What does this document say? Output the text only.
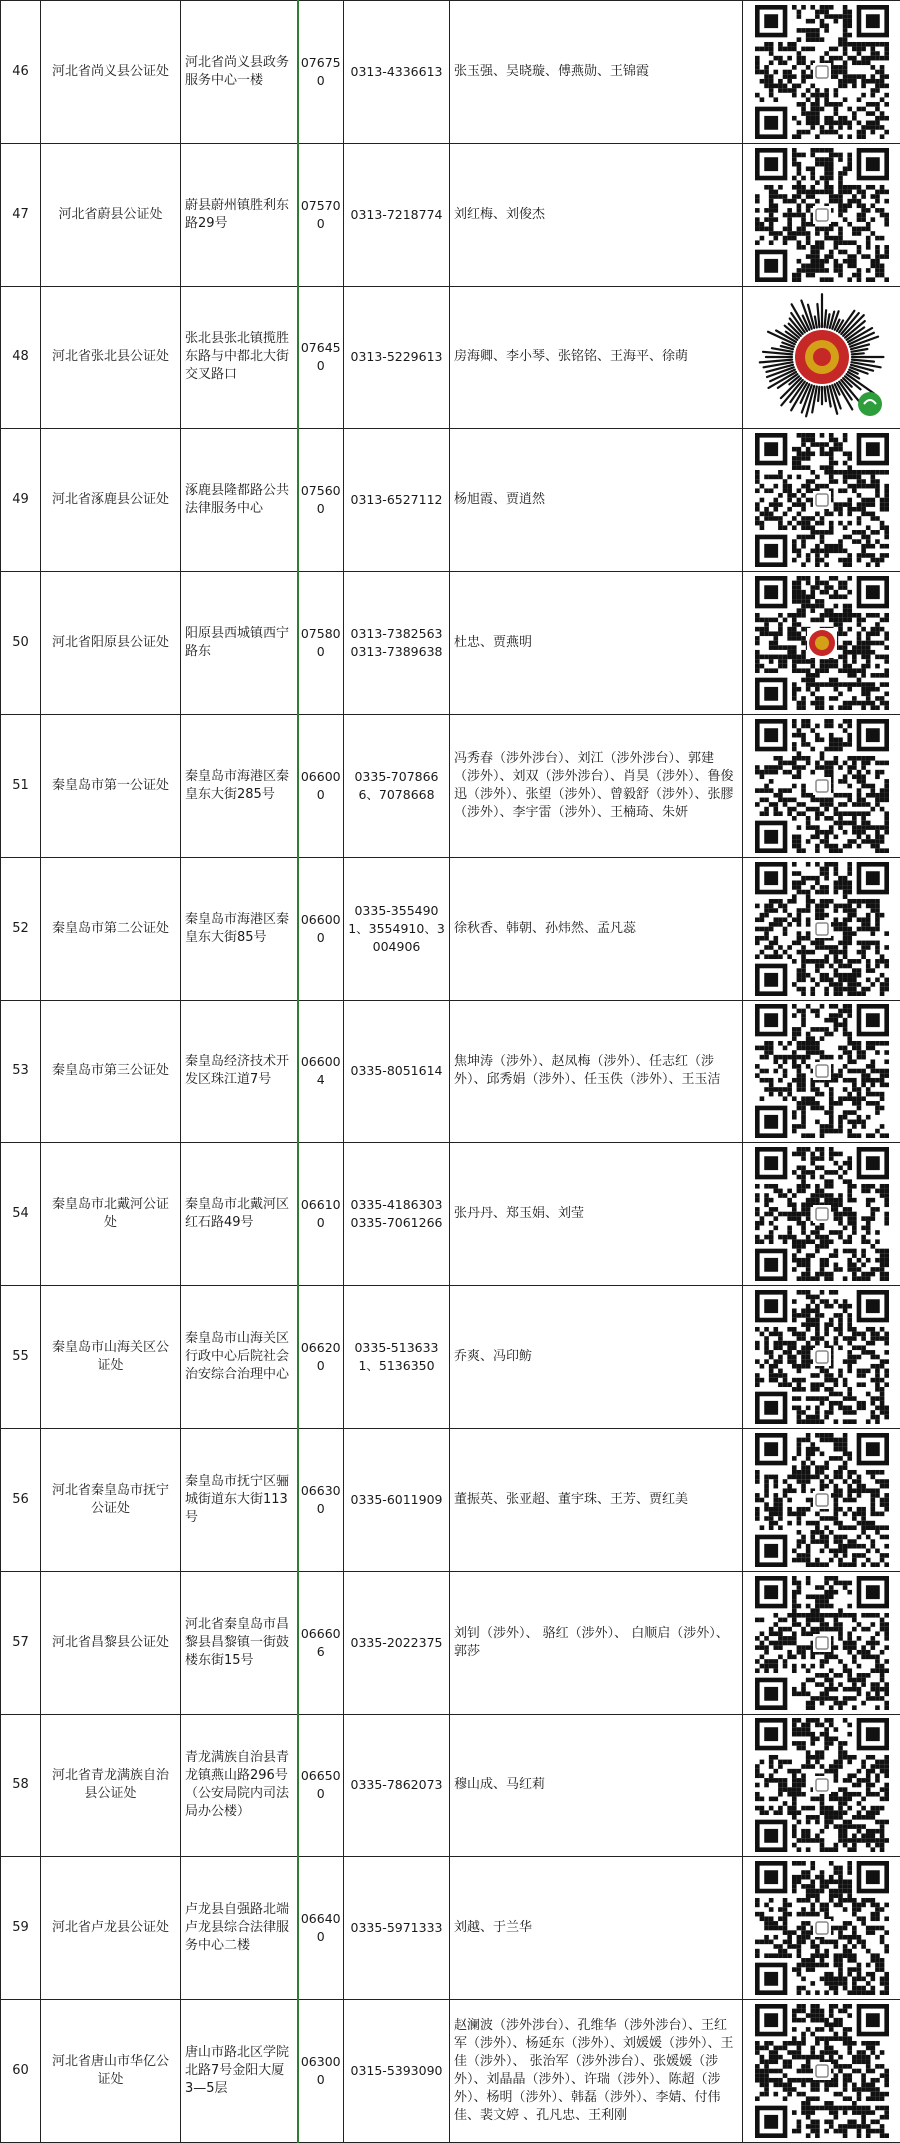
46	河北省尚义县公证处	河北省尚义县政务服务中心一楼	076750	0313-4336613	张玉强、吴晓璇、傅燕勋、王锦霞	

47	河北省蔚县公证处	蔚县蔚州镇胜利东路29号	075700	0313-7218774	刘红梅、刘俊杰	

48	河北省张北县公证处	张北县张北镇揽胜东路与中都北大街交叉路口	076450	0313-5229613	房海卿、李小琴、张铭铭、王海平、徐萌	

49	河北省涿鹿县公证处	涿鹿县隆都路公共法律服务中心	075600	0313-6527112	杨旭霞、贾逍然	

50	河北省阳原县公证处	阳原县西城镇西宁路东	075800	0313-7382563 0313-7389638	杜忠、贾燕明	

51	秦皇岛市第一公证处	秦皇岛市海港区秦皇东大街285号	066000	0335-7078666、7078668	冯秀春（涉外涉台）、刘江（涉外涉台）、郭建（涉外）、刘双（涉外涉台）、肖昊（涉外）、鲁俊迅（涉外）、张望（涉外）、曾毅舒（涉外）、张膠（涉外）、李宇雷（涉外）、王楠琦、朱妍	

52	秦皇岛市第二公证处	秦皇岛市海港区秦皇东大街85号	066000	0335-3554901、3554910、3004906	徐秋香、韩朝、孙炜然、孟凡蕊	

53	秦皇岛市第三公证处	秦皇岛经济技术开发区珠江道7号	066004	0335-8051614	焦坤涛（涉外）、赵凤梅（涉外）、任志红（涉外）、邱秀娟（涉外）、任玉佚（涉外）、王玉洁	

54	秦皇岛市北戴河公证处	秦皇岛市北戴河区红石路49号	066100	0335-4186303 0335-7061266	张丹丹、郑玉娟、刘莹	

55	秦皇岛市山海关区公证处	秦皇岛市山海关区行政中心后院社会治安综合治理中心	066200	0335-5136331、5136350	乔爽、冯印鲂	

56	河北省秦皇岛市抚宁公证处	秦皇岛市抚宁区骊城街道东大街113号	066300	0335-6011909	董振英、张亚超、董宇珠、王芳、贾红美	

57	河北省昌黎县公证处	河北省秦皇岛市昌黎县昌黎镇一街鼓楼东街15号	066606	0335-2022375	刘钊（涉外）、 骆红（涉外）、 白顺启（涉外）、 郭莎	

58	河北省青龙满族自治县公证处	青龙满族自治县青龙镇燕山路296号（公安局院内司法局办公楼）	066500	0335-7862073	穆山成、马红莉	

59	河北省卢龙县公证处	卢龙县自强路北端卢龙县综合法律服务中心二楼	066400	0335-5971333	刘越、于兰华	

60	河北省唐山市华亿公证处	唐山市路北区学院北路7号金阳大厦3—5层	063000	0315-5393090	赵澜波（涉外涉台）、孔维华（涉外涉台）、王红军（涉外）、杨延东（涉外）、刘媛媛（涉外）、王佳（涉外）、 张治军（涉外涉台）、张媛媛（涉外）、刘晶晶（涉外）、许瑞（涉外）、陈超（涉外）、杨明（涉外）、韩磊（涉外）、李婧、付伟佳、裴文婷 、孔凡忠、王利刚	
